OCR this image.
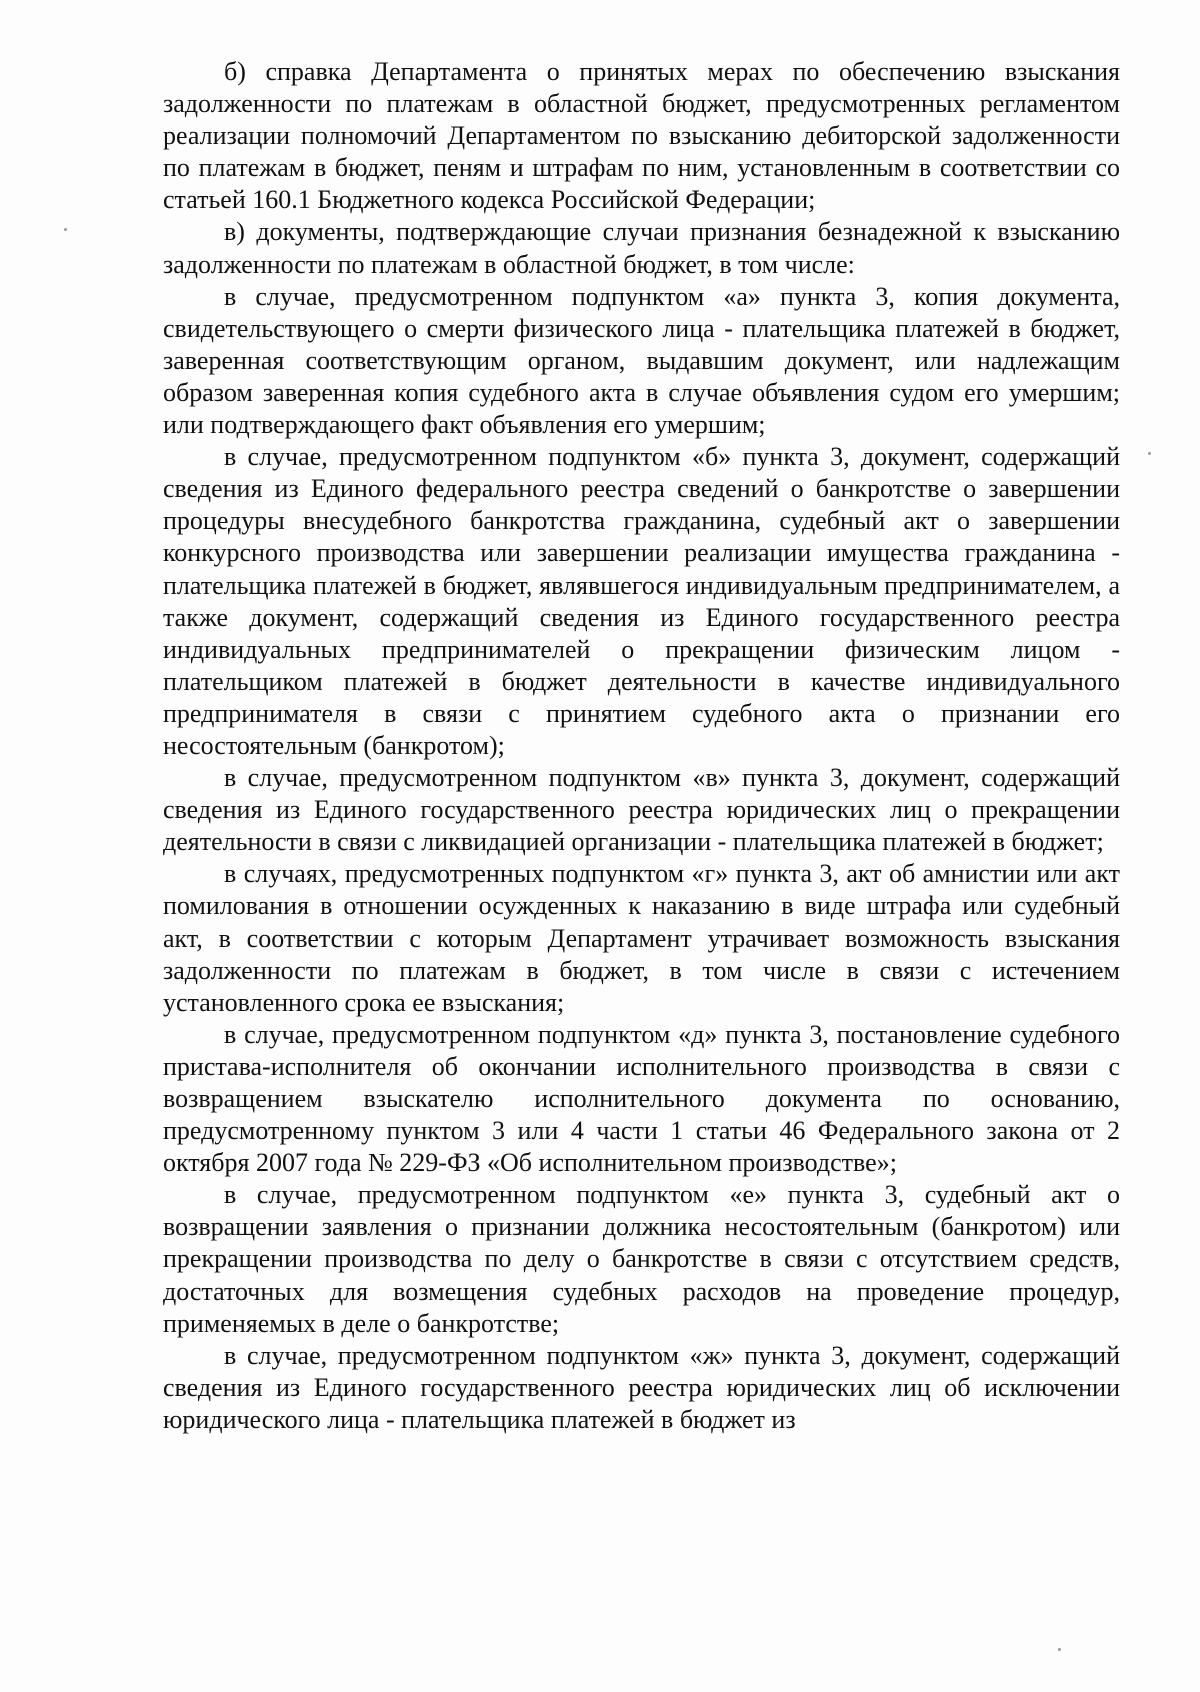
б) справка Департамента о принятых мерах по обеспечению взыскания задолженности по платежам в областной бюджет, предусмотренных регламентом реализации полномочий Департаментом по взысканию дебиторской задолженности по платежам в бюджет, пеням и штрафам по ним, установленным в соответствии со статьей 160.1 Бюджетного кодекса Российской Федерации;

в) документы, подтверждающие случаи признания безнадежной к взысканию задолженности по платежам в областной бюджет, в том числе:

в случае, предусмотренном подпунктом «а» пункта 3, копия документа, свидетельствующего о смерти физического лица - плательщика платежей в бюджет, заверенная соответствующим органом, выдавшим документ, или надлежащим образом заверенная копия судебного акта в случае объявления судом его умершим; или подтверждающего факт объявления его умершим;

в случае, предусмотренном подпунктом «б» пункта 3, документ, содержащий сведения из Единого федерального реестра сведений о банкротстве о завершении процедуры внесудебного банкротства гражданина, судебный акт о завершении конкурсного производства или завершении реализации имущества гражданина - плательщика платежей в бюджет, являвшегося индивидуальным предпринимателем, а также документ, содержащий сведения из Единого государственного реестра индивидуальных предпринимателей о прекращении физическим лицом - плательщиком платежей в бюджет деятельности в качестве индивидуального предпринимателя в связи с принятием судебного акта о признании его несостоятельным (банкротом);

в случае, предусмотренном подпунктом «в» пункта 3, документ, содержащий сведения из Единого государственного реестра юридических лиц о прекращении деятельности в связи с ликвидацией организации - плательщика платежей в бюджет;

в случаях, предусмотренных подпунктом «г» пункта 3, акт об амнистии или акт помилования в отношении осужденных к наказанию в виде штрафа или судебный акт, в соответствии с которым Департамент утрачивает возможность взыскания задолженности по платежам в бюджет, в том числе в связи с истечением установленного срока ее взыскания;

в случае, предусмотренном подпунктом «д» пункта 3, постановление судебного пристава-исполнителя об окончании исполнительного производства в связи с возвращением взыскателю исполнительного документа по основанию, предусмотренному пунктом 3 или 4 части 1 статьи 46 Федерального закона от 2 октября 2007 года № 229-ФЗ «Об исполнительном производстве»;

в случае, предусмотренном подпунктом «е» пункта 3, судебный акт о возвращении заявления о признании должника несостоятельным (банкротом) или прекращении производства по делу о банкротстве в связи с отсутствием средств, достаточных для возмещения судебных расходов на проведение процедур, применяемых в деле о банкротстве;

в случае, предусмотренном подпунктом «ж» пункта 3, документ, содержащий сведения из Единого государственного реестра юридических лиц об исключении юридического лица - плательщика платежей в бюджет из
